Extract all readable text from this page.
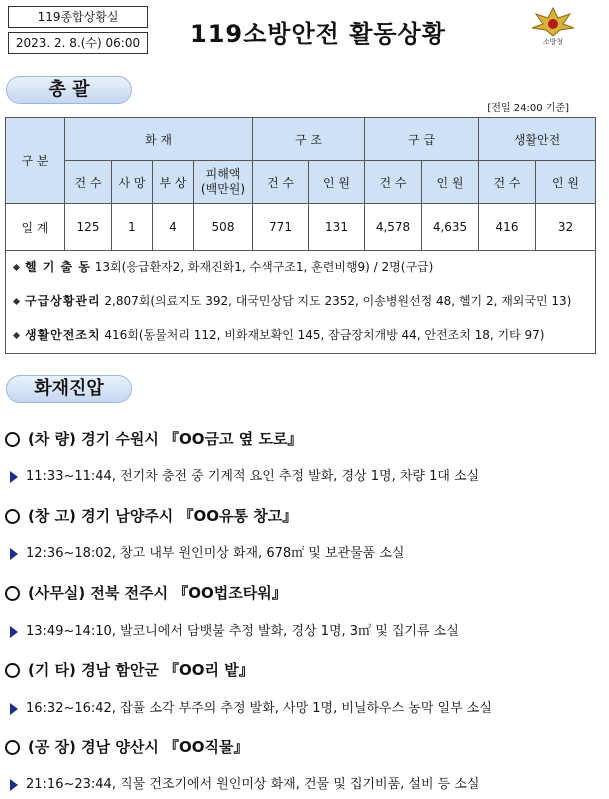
119종합상황실
2023. 2. 8.(수) 06:00	119소방안전 활동상황	소방청
총 괄
[전일 24:00 기준]
구 분	화 재				구 조		구 급		생활안전	
	건 수	사 망	부 상	피해액
(백만원)	건 수	인 원	건 수	인 원	건 수	인 원
일 계	125	1	4	508	771	131	4,578	4,635	416	32
헬 기 출 동 13회(응급환자2, 화재진화1, 수색구조1, 훈련비행9) / 2명(구급)
구급상황관리 2,807회(의료지도 392, 대국민상담 지도 2352, 이송병원선정 48, 헬기 2, 재외국민 13)
생활안전조치 416회(동물처리 112, 비화재보확인 145, 잠금장치개방 44, 안전조치 18, 기타 97)
화재진압
(차 량) 경기 수원시 『OO금고 옆 도로』
11:33~11:44, 전기차 충전 중 기계적 요인 추정 발화, 경상 1명, 차량 1대 소실
(창 고) 경기 남양주시 『OO유통 창고』
12:36~18:02, 창고 내부 원인미상 화재, 678㎡ 및 보관물품 소실
(사무실) 전북 전주시 『OO법조타워』
13:49~14:10, 발코니에서 담뱃불 추정 발화, 경상 1명, 3㎡ 및 집기류 소실
(기 타) 경남 함안군 『OO리 밭』
16:32~16:42, 잡풀 소각 부주의 추정 발화, 사망 1명, 비닐하우스 농막 일부 소실
(공 장) 경남 양산시 『OO직물』
21:16~23:44, 직물 건조기에서 원인미상 화재, 건물 및 집기비품, 설비 등 소실
